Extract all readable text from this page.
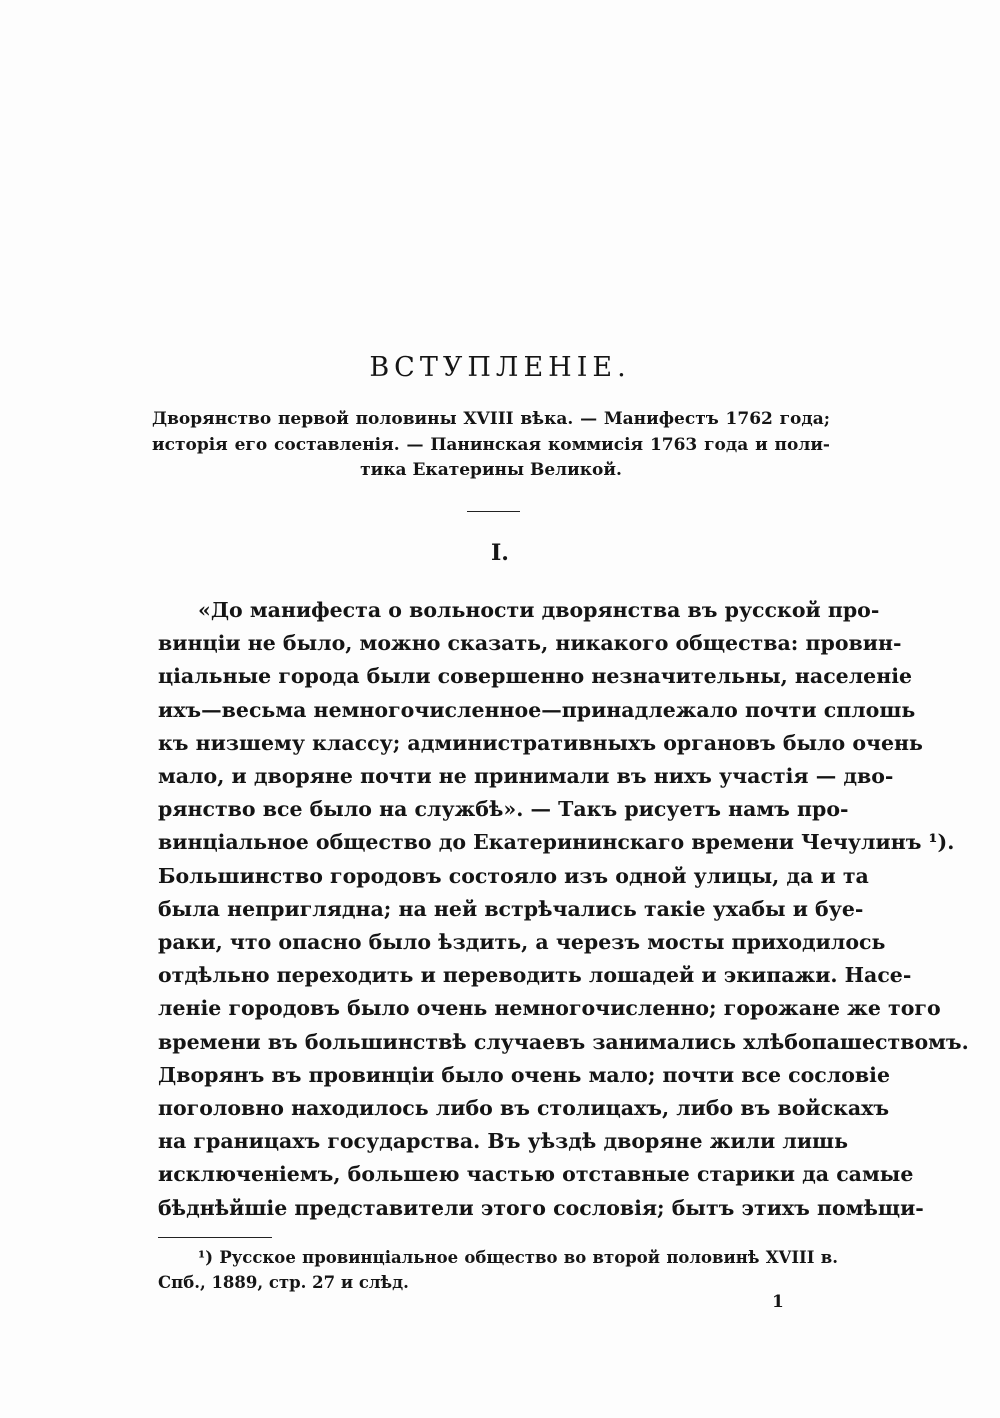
ВСТУПЛЕНІЕ.
Дворянство первой половины XVIII вѣка. — Манифестъ 1762 года;
исторія его составленія. — Панинская коммисія 1763 года и поли-
тика Екатерины Великой.
I.
«До манифеста о вольности дворянства въ русской про-
винціи не было, можно сказать, никакого общества: провин-
ціальные города были совершенно незначительны, населеніе
ихъ—весьма немногочисленное—принадлежало почти сплошь
къ низшему классу; административныхъ органовъ было очень
мало, и дворяне почти не принимали въ нихъ участія — дво-
рянство все было на службѣ». — Такъ рисуетъ намъ про-
винціальное общество до Екатерининскаго времени Чечулинъ ¹).
Большинство городовъ состояло изъ одной улицы, да и та
была неприглядна; на ней встрѣчались такіе ухабы и буе-
раки, что опасно было ѣздить, а черезъ мосты приходилось
отдѣльно переходить и переводить лошадей и экипажи. Насе-
леніе городовъ было очень немногочисленно; горожане же того
времени въ большинствѣ случаевъ занимались хлѣбопашествомъ.
Дворянъ въ провинціи было очень мало; почти все сословіе
поголовно находилось либо въ столицахъ, либо въ войскахъ
на границахъ государства. Въ уѣздѣ дворяне жили лишь
исключеніемъ, большею частью отставные старики да самые
бѣднѣйшіе представители этого сословія; бытъ этихъ помѣщи-
¹) Русское провинціальное общество во второй половинѣ XVIII в.
Спб., 1889, стр. 27 и слѣд.
1
